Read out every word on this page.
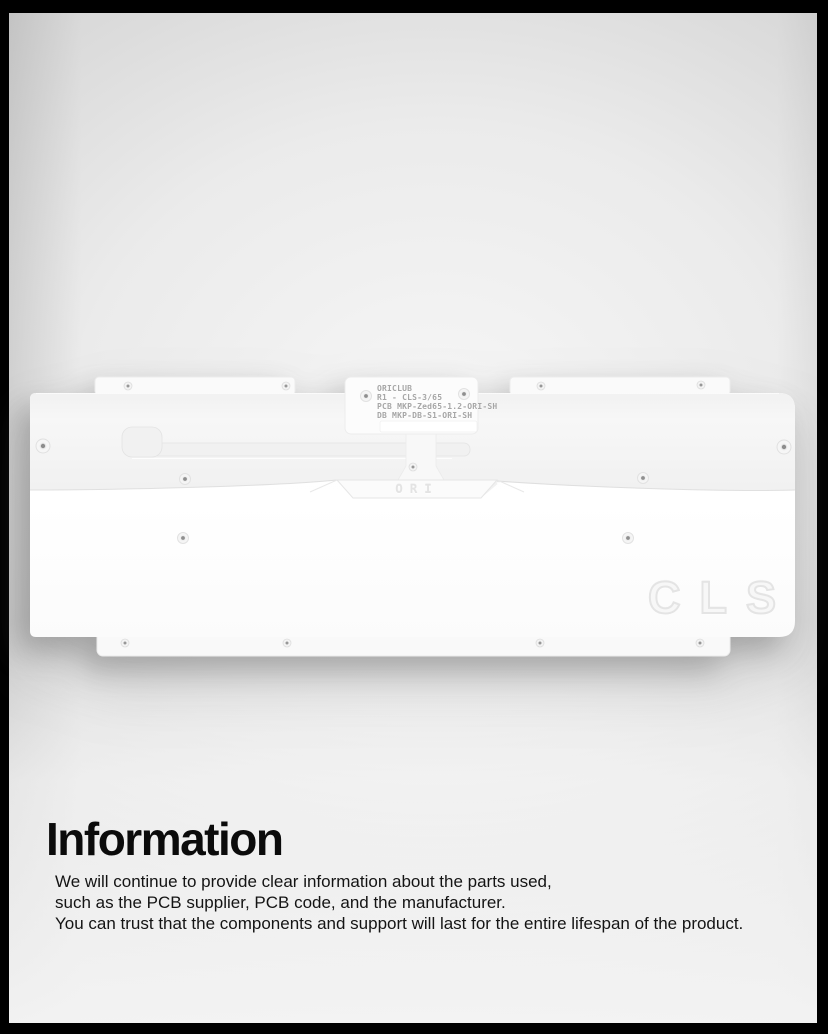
ORICLUB
R1 - CLS-3/65
PCB MKP-Zed65-1.2-ORI-SH
DB MKP-DB-S1-ORI-SH
ORI
CLS
Information
We will continue to provide clear information about the parts used,
such as the PCB supplier, PCB code, and the manufacturer.
You can trust that the components and support will last for the entire lifespan of the product.
